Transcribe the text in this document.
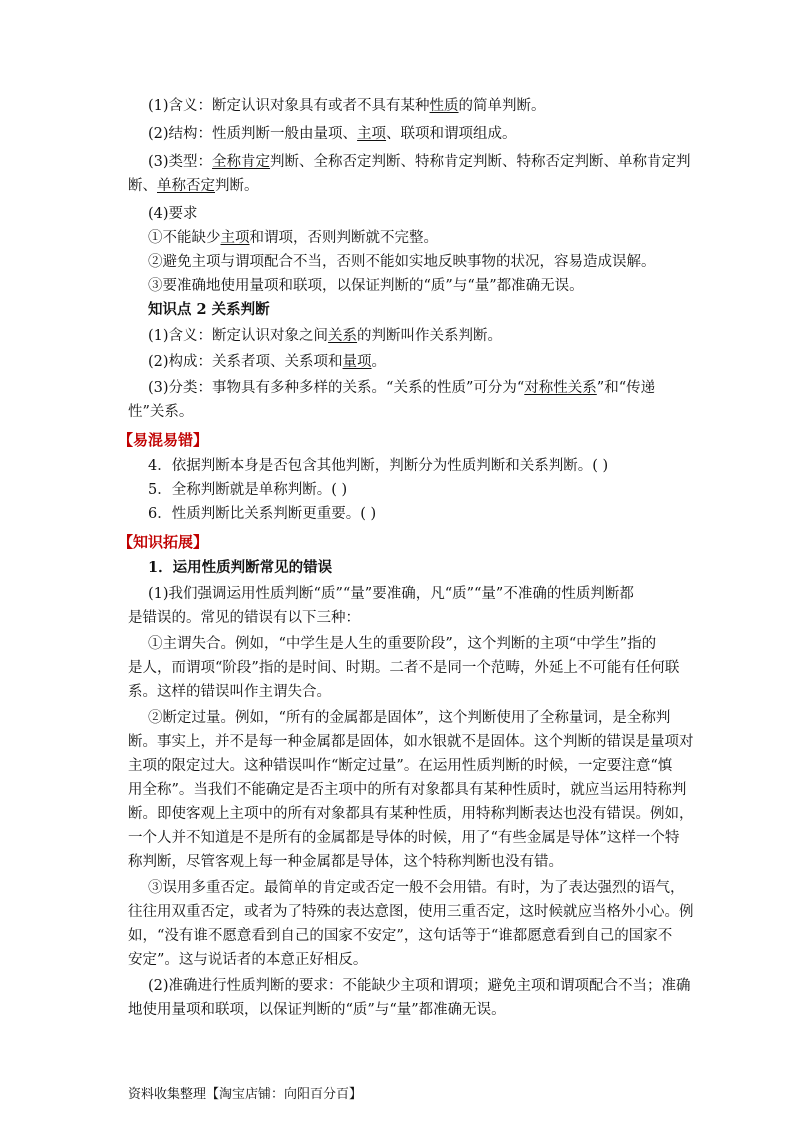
(1)含义：断定认识对象具有或者不具有某种性质的简单判断。
(2)结构：性质判断一般由量项、主项、联项和谓项组成。
(3)类型：全称肯定判断、全称否定判断、特称肯定判断、特称否定判断、单称肯定判
断、单称否定判断。
(4)要求
①不能缺少主项和谓项，否则判断就不完整。
②避免主项与谓项配合不当，否则不能如实地反映事物的状况，容易造成误解。
③要准确地使用量项和联项，以保证判断的“质”与“量”都准确无误。
知识点 2 关系判断
(1)含义：断定认识对象之间关系的判断叫作关系判断。
(2)构成：关系者项、关系项和量项。
(3)分类：事物具有多种多样的关系。“关系的性质”可分为“对称性关系”和“传递
性”关系。
【易混易错】
4．依据判断本身是否包含其他判断，判断分为性质判断和关系判断。( )
5．全称判断就是单称判断。( )
6．性质判断比关系判断更重要。( )
【知识拓展】
1．运用性质判断常见的错误
(1)我们强调运用性质判断“质”“量”要准确，凡“质”“量”不准确的性质判断都
是错误的。常见的错误有以下三种：
①主谓失合。例如，“中学生是人生的重要阶段”，这个判断的主项“中学生”指的
是人，而谓项“阶段”指的是时间、时期。二者不是同一个范畴，外延上不可能有任何联
系。这样的错误叫作主谓失合。
②断定过量。例如，“所有的金属都是固体”，这个判断使用了全称量词，是全称判
断。事实上，并不是每一种金属都是固体，如水银就不是固体。这个判断的错误是量项对
主项的限定过大。这种错误叫作“断定过量”。在运用性质判断的时候，一定要注意“慎
用全称”。当我们不能确定是否主项中的所有对象都具有某种性质时，就应当运用特称判
断。即使客观上主项中的所有对象都具有某种性质，用特称判断表达也没有错误。例如，
一个人并不知道是不是所有的金属都是导体的时候，用了“有些金属是导体”这样一个特
称判断，尽管客观上每一种金属都是导体，这个特称判断也没有错。
③误用多重否定。最简单的肯定或否定一般不会用错。有时，为了表达强烈的语气，
往往用双重否定，或者为了特殊的表达意图，使用三重否定，这时候就应当格外小心。例
如，“没有谁不愿意看到自己的国家不安定”，这句话等于“谁都愿意看到自己的国家不
安定”。这与说话者的本意正好相反。
(2)准确进行性质判断的要求：不能缺少主项和谓项；避免主项和谓项配合不当；准确
地使用量项和联项，以保证判断的“质”与“量”都准确无误。
资料收集整理【淘宝店铺：向阳百分百】
